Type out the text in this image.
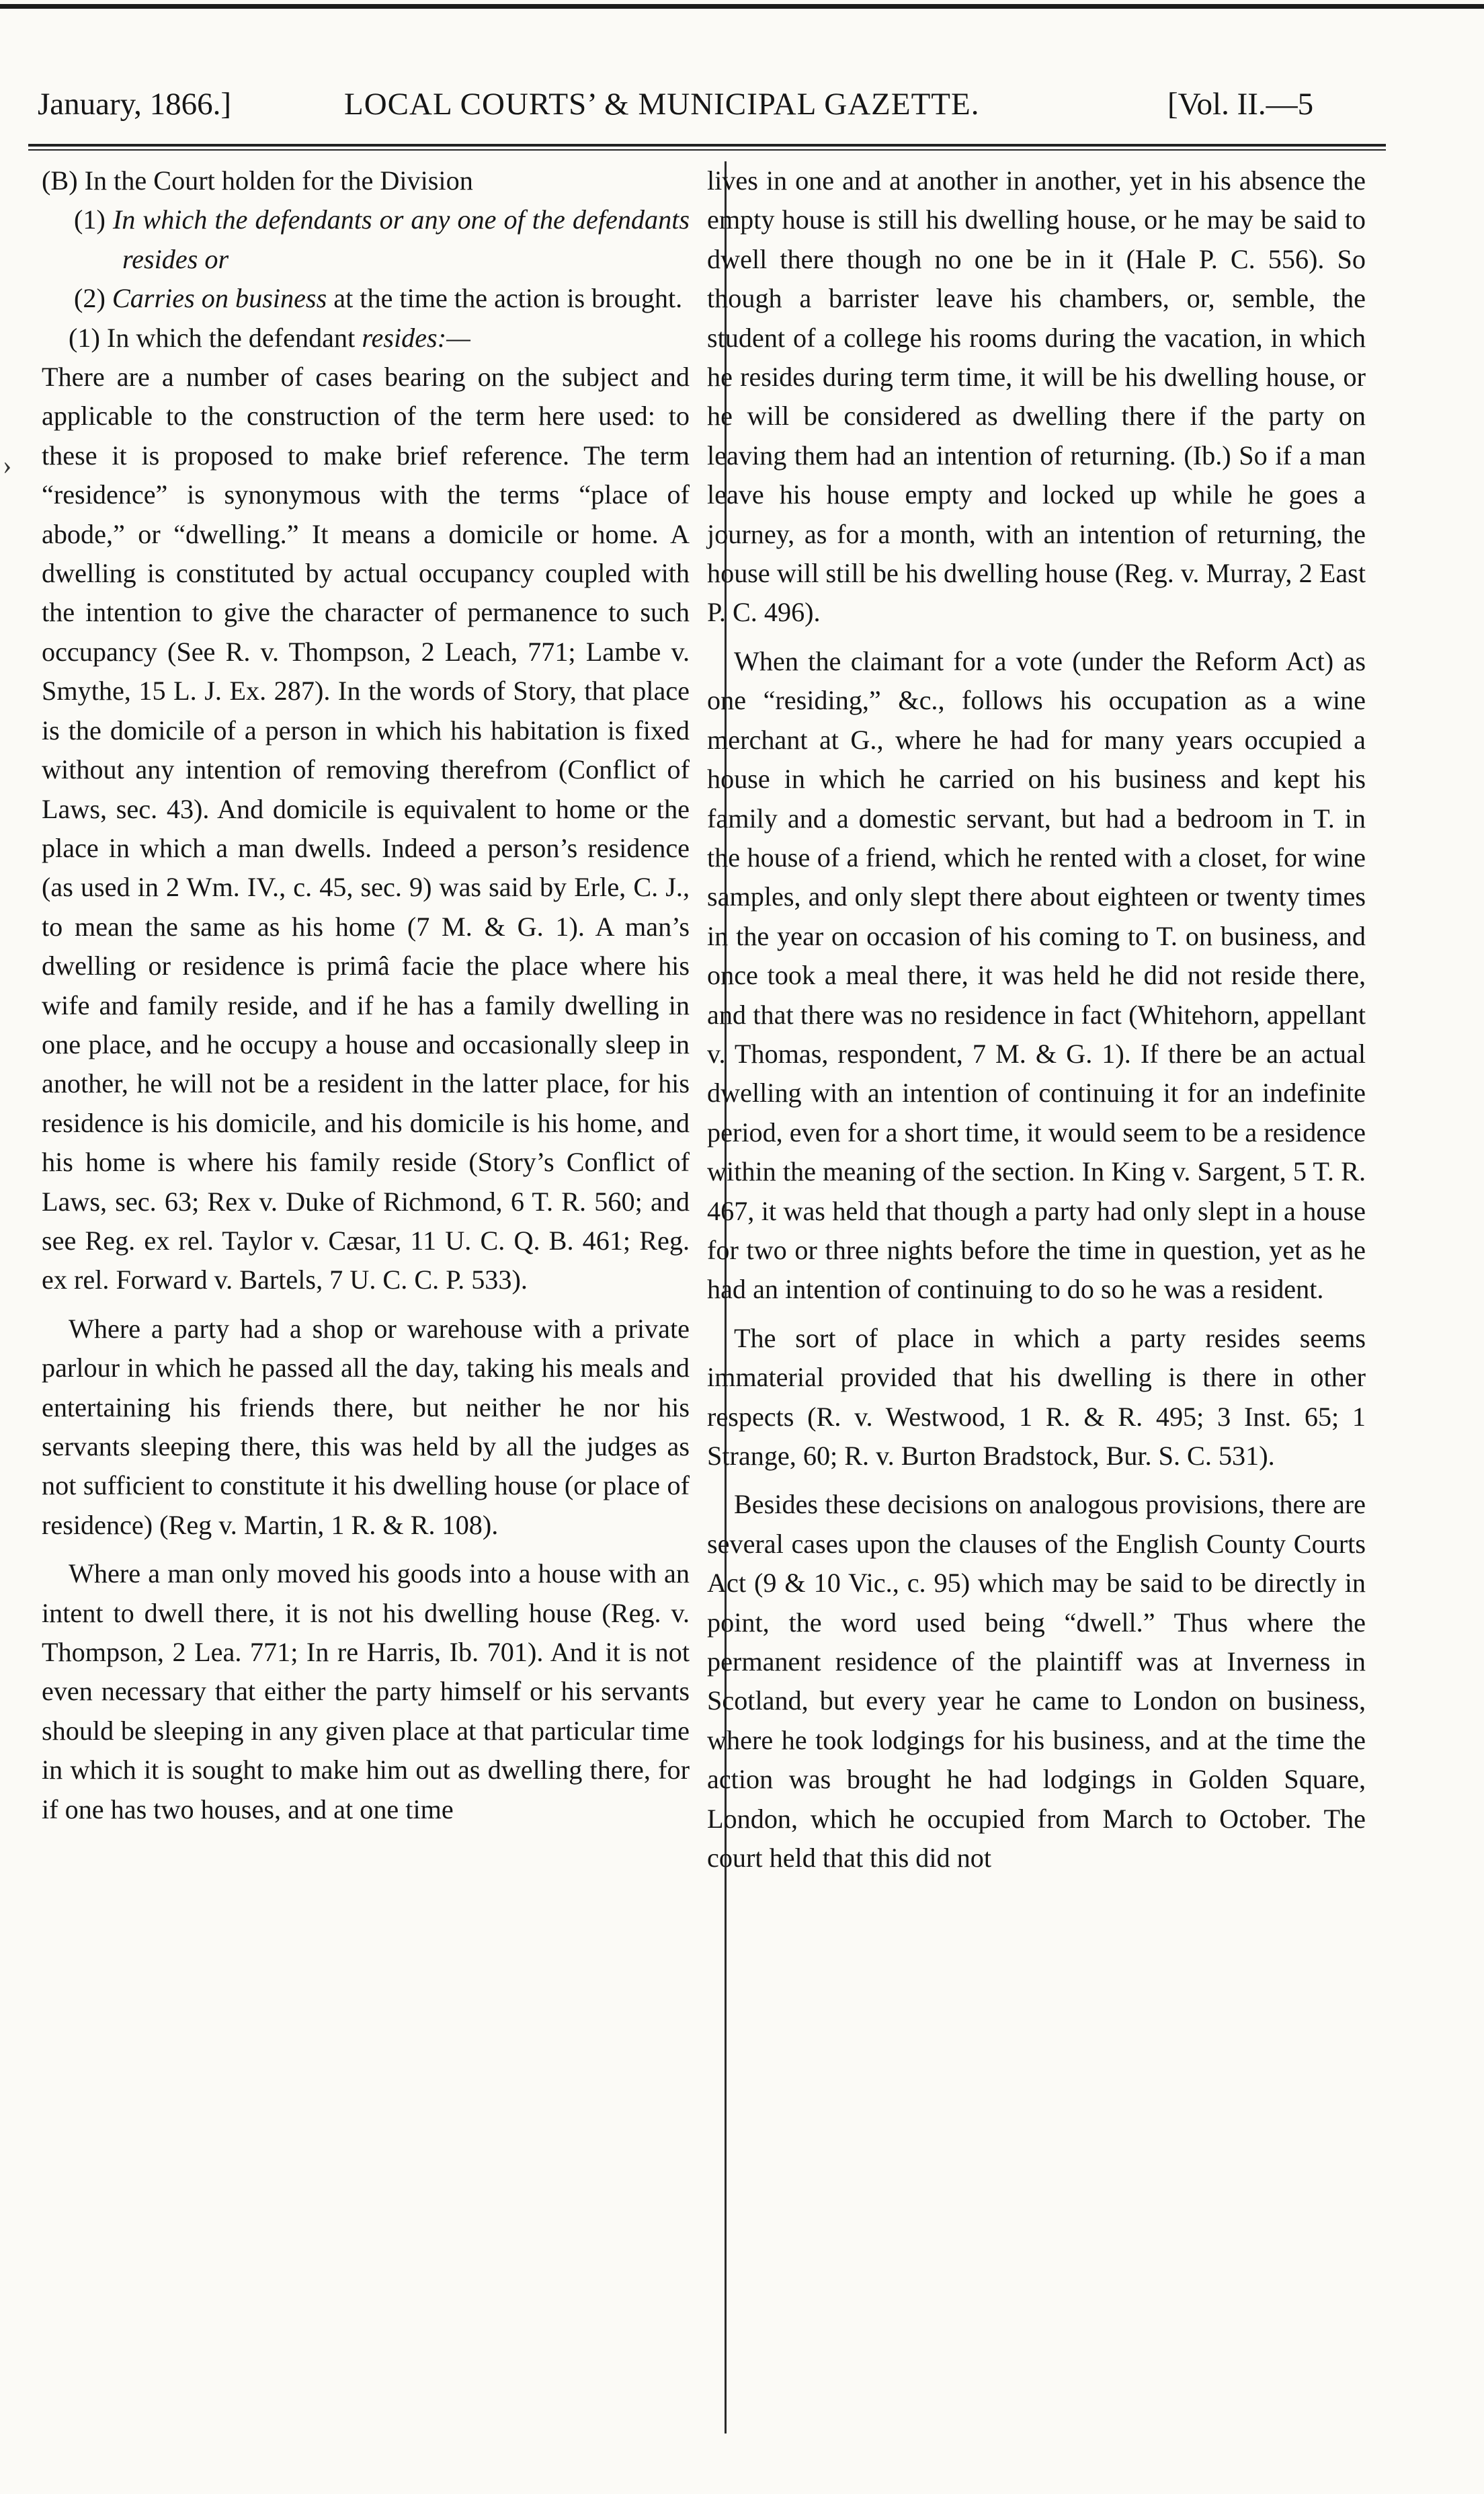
January, 1866.]	LOCAL COURTS’ & MUNICIPAL GAZETTE.	[Vol. II.—5
›

(B) In the Court holden for the Division

(1) In which the defendants or any one of the defendants resides or

(2) Carries on business at the time the action is brought.

(1) In which the defendant resides:—

There are a number of cases bearing on the subject and applicable to the construction of the term here used: to these it is proposed to make brief reference. The term “residence” is synonymous with the terms “place of abode,” or “dwelling.” It means a domicile or home. A dwelling is constituted by actual occupancy coupled with the intention to give the character of permanence to such occupancy (See R. v. Thompson, 2 Leach, 771; Lambe v. Smythe, 15 L. J. Ex. 287). In the words of Story, that place is the domicile of a person in which his habitation is fixed without any intention of removing therefrom (Conflict of Laws, sec. 43). And domicile is equivalent to home or the place in which a man dwells. Indeed a person’s residence (as used in 2 Wm. IV., c. 45, sec. 9) was said by Erle, C. J., to mean the same as his home (7 M. & G. 1). A man’s dwelling or residence is primâ facie the place where his wife and family reside, and if he has a family dwelling in one place, and he occupy a house and occasionally sleep in another, he will not be a resident in the latter place, for his residence is his domicile, and his domicile is his home, and his home is where his family reside (Story’s Conflict of Laws, sec. 63; Rex v. Duke of Richmond, 6 T. R. 560; and see Reg. ex rel. Taylor v. Cæsar, 11 U. C. Q. B. 461; Reg. ex rel. Forward v. Bartels, 7 U. C. C. P. 533).

Where a party had a shop or warehouse with a private parlour in which he passed all the day, taking his meals and entertaining his friends there, but neither he nor his servants sleeping there, this was held by all the judges as not sufficient to constitute it his dwelling house (or place of residence) (Reg v. Martin, 1 R. & R. 108).

Where a man only moved his goods into a house with an intent to dwell there, it is not his dwelling house (Reg. v. Thompson, 2 Lea. 771; In re Harris, Ib. 701). And it is not even necessary that either the party himself or his servants should be sleeping in any given place at that particular time in which it is sought to make him out as dwelling there, for if one has two houses, and at one time

lives in one and at another in another, yet in his absence the empty house is still his dwelling house, or he may be said to dwell there though no one be in it (Hale P. C. 556). So though a barrister leave his chambers, or, semble, the student of a college his rooms during the vacation, in which he resides during term time, it will be his dwelling house, or he will be considered as dwelling there if the party on leaving them had an intention of returning. (Ib.) So if a man leave his house empty and locked up while he goes a journey, as for a month, with an intention of returning, the house will still be his dwelling house (Reg. v. Murray, 2 East P. C. 496).

When the claimant for a vote (under the Reform Act) as one “residing,” &c., follows his occupation as a wine merchant at G., where he had for many years occupied a house in which he carried on his business and kept his family and a domestic servant, but had a bedroom in T. in the house of a friend, which he rented with a closet, for wine samples, and only slept there about eighteen or twenty times in the year on occasion of his coming to T. on business, and once took a meal there, it was held he did not reside there, and that there was no residence in fact (Whitehorn, appellant v. Thomas, respondent, 7 M. & G. 1). If there be an actual dwelling with an intention of continuing it for an indefinite period, even for a short time, it would seem to be a residence within the meaning of the section. In King v. Sargent, 5 T. R. 467, it was held that though a party had only slept in a house for two or three nights before the time in question, yet as he had an intention of continuing to do so he was a resident.

The sort of place in which a party resides seems immaterial provided that his dwelling is there in other respects (R. v. Westwood, 1 R. & R. 495; 3 Inst. 65; 1 Strange, 60; R. v. Burton Bradstock, Bur. S. C. 531).

Besides these decisions on analogous provisions, there are several cases upon the clauses of the English County Courts Act (9 & 10 Vic., c. 95) which may be said to be directly in point, the word used being “dwell.” Thus where the permanent residence of the plaintiff was at Inverness in Scotland, but every year he came to London on business, where he took lodgings for his business, and at the time the action was brought he had lodgings in Golden Square, London, which he occupied from March to October. The court held that this did not
